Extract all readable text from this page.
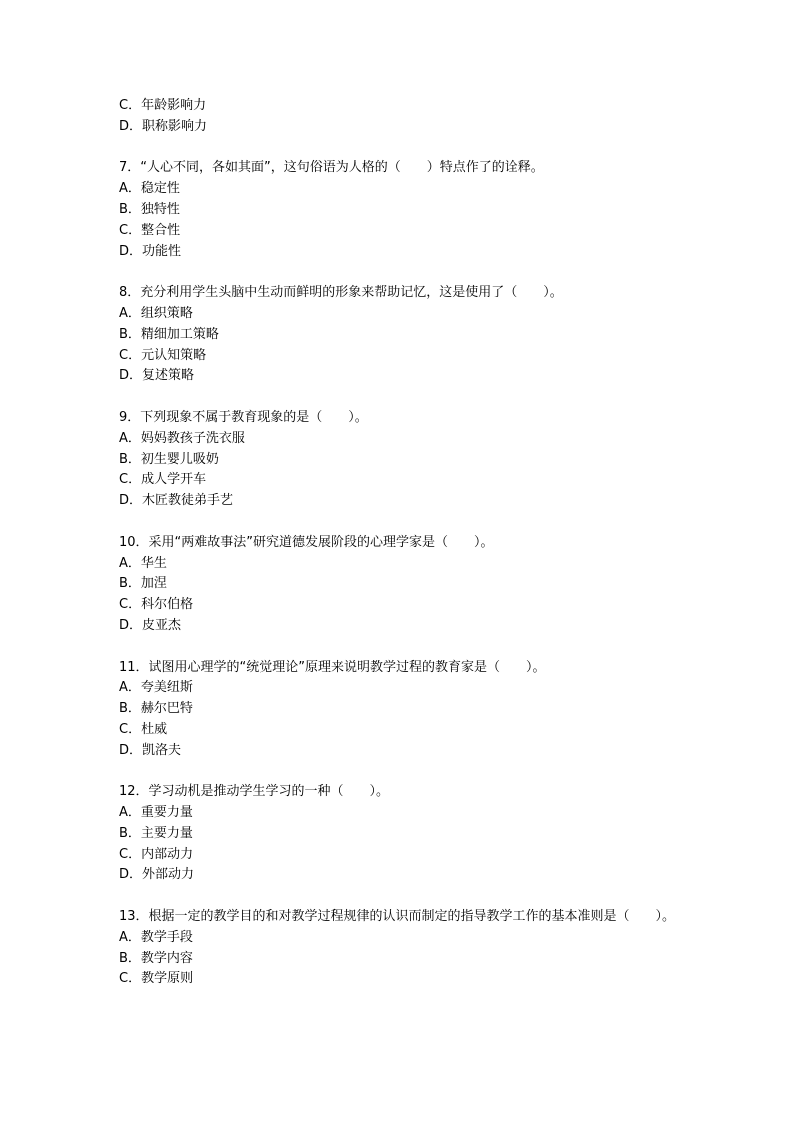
C．年龄影响力
D．职称影响力
7．“人心不同，各如其面”，这句俗语为人格的（　　）特点作了的诠释。
A．稳定性
B．独特性
C．整合性
D．功能性
8．充分利用学生头脑中生动而鲜明的形象来帮助记忆，这是使用了（　　）。
A．组织策略
B．精细加工策略
C．元认知策略
D．复述策略
9．下列现象不属于教育现象的是（　　）。
A．妈妈教孩子洗衣服
B．初生婴儿吸奶
C．成人学开车
D．木匠教徒弟手艺
10．采用“两难故事法”研究道德发展阶段的心理学家是（　　）。
A．华生
B．加涅
C．科尔伯格
D．皮亚杰
11．试图用心理学的“统觉理论”原理来说明教学过程的教育家是（　　）。
A．夸美纽斯
B．赫尔巴特
C．杜威
D．凯洛夫
12．学习动机是推动学生学习的一种（　　）。
A．重要力量
B．主要力量
C．内部动力
D．外部动力
13．根据一定的教学目的和对教学过程规律的认识而制定的指导教学工作的基本准则是（　　）。
A．教学手段
B．教学内容
C．教学原则
